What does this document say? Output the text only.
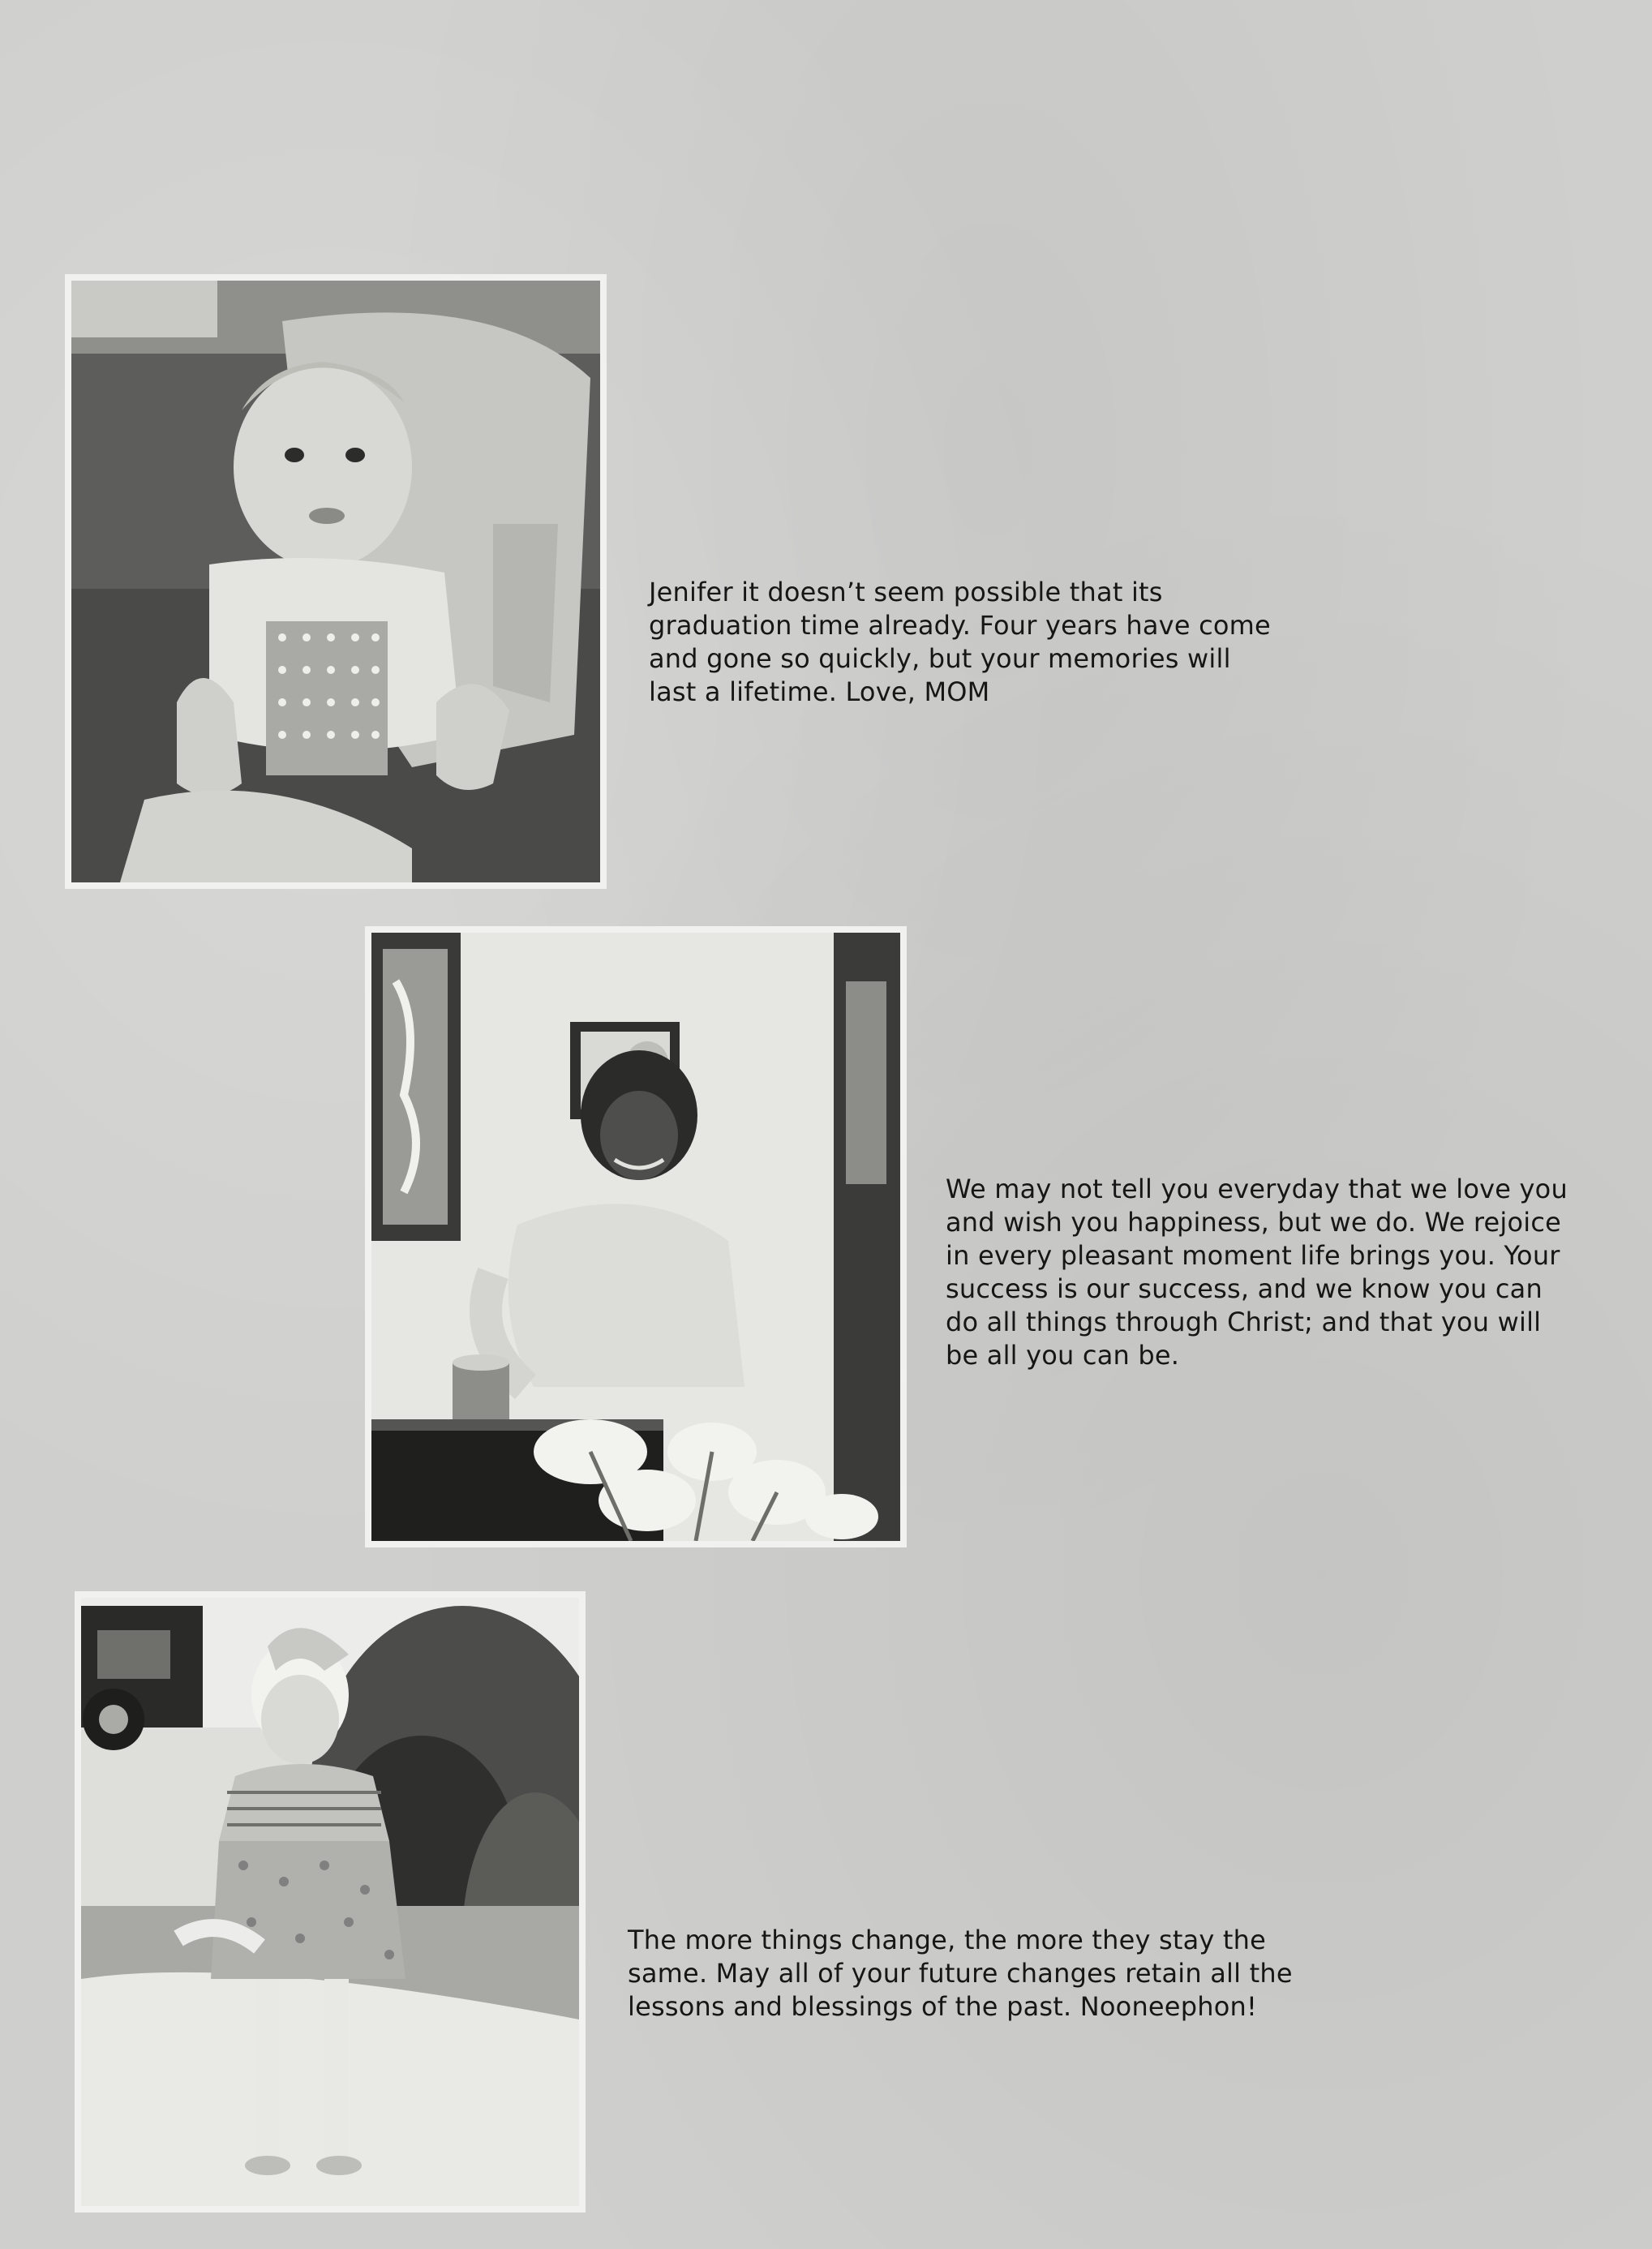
Jenifer it doesn’t seem possible that its
graduation time already. Four years have come
and gone so quickly, but your memories will
last a lifetime. Love, MOM

We may not tell you everyday that we love you
and wish you happiness, but we do. We rejoice
in every pleasant moment life brings you. Your
success is our success, and we know you can
do all things through Christ; and that you will
be all you can be.

The more things change, the more they stay the
same. May all of your future changes retain all the
lessons and blessings of the past. Nooneephon!
